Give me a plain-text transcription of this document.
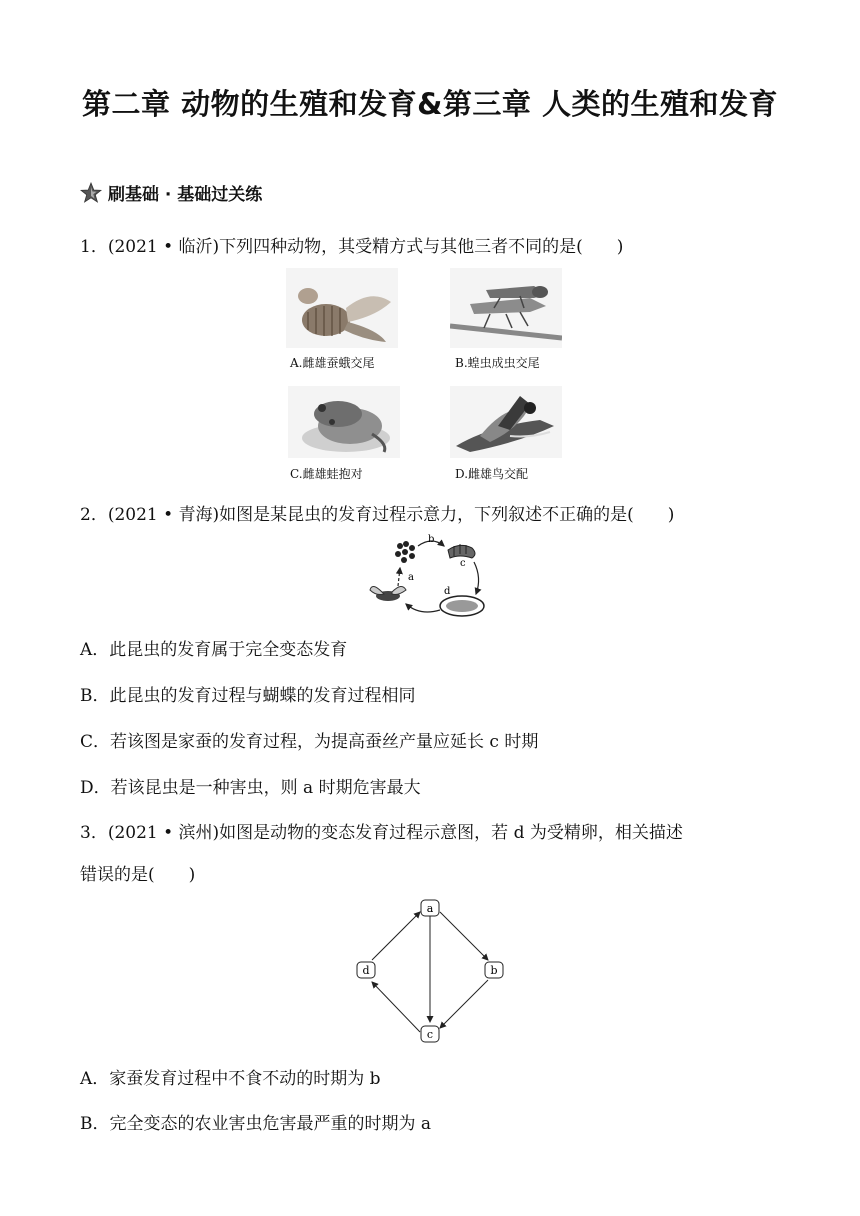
第二章 动物的生殖和发育&第三章 人类的生殖和发育
刷基础 · 基础过关练
1．(2021 • 临沂)下列四种动物，其受精方式与其他三者不同的是(　　)
A.雌雄蚕蛾交尾	B.蝗虫成虫交尾
C.雌雄蛙抱对	D.雌雄鸟交配
2．(2021 • 青海)如图是某昆虫的发育过程示意力，下列叙述不正确的是(　　)
b
c
d
a
A．此昆虫的发育属于完全变态发育
B．此昆虫的发育过程与蝴蝶的发育过程相同
C．若该图是家蚕的发育过程，为提高蚕丝产量应延长 c 时期
D．若该昆虫是一种害虫，则 a 时期危害最大
3．(2021 • 滨州)如图是动物的变态发育过程示意图，若 d 为受精卵，相关描述
错误的是(　　)
a
b
c
d
A．家蚕发育过程中不食不动的时期为 b
B．完全变态的农业害虫危害最严重的时期为 a
